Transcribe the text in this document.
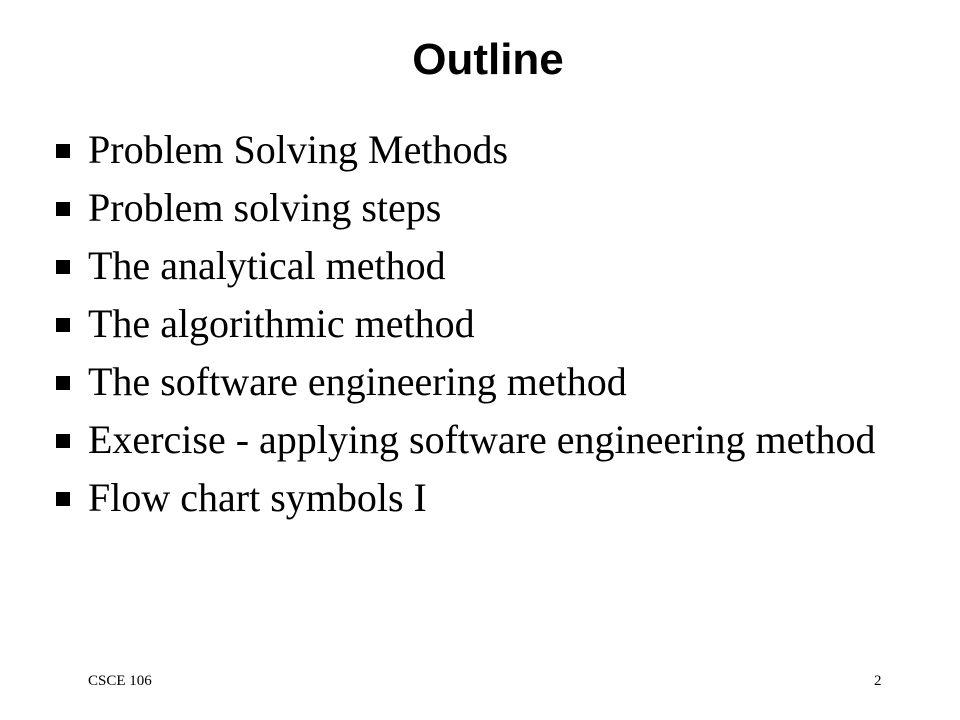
Outline
Problem Solving Methods
Problem solving steps
The analytical method
The algorithmic method
The software engineering method
Exercise - applying software engineering method
Flow chart symbols I
CSCE 106	2
